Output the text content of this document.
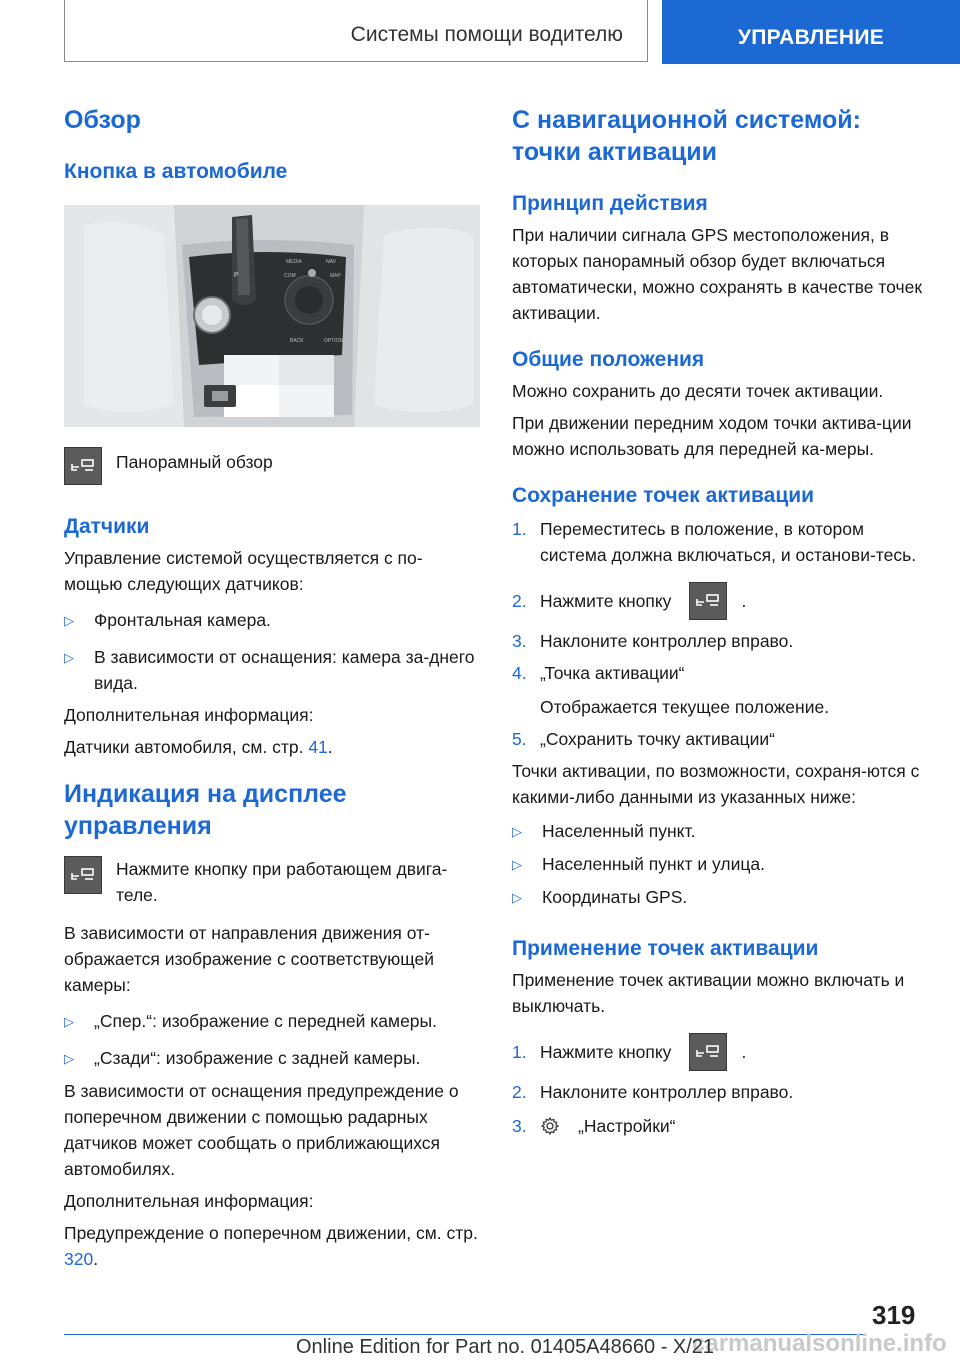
Системы помощи водителю	УПРАВЛЕНИЕ
Обзор
Кнопка в автомобиле
P
MEDIA	NAV
COM	MAP
BACK	OPTION

Панорамный обзор

Датчики

Управление системой осуществляется с по-мощью следующих датчиков:

▷	Фронтальная камера.
▷	В зависимости от оснащения: камера за-днего вида.

Дополнительная информация:

Датчики автомобиля, см. стр. 41.

Индикация на дисплее управления

Нажмите кнопку при работающем двига-теле.

В зависимости от направления движения от-ображается изображение с соответствующей камеры:

▷	„Спер.“: изображение с передней камеры.
▷	„Сзади“: изображение с задней камеры.

В зависимости от оснащения предупреждение о поперечном движении с помощью радарных датчиков может сообщать о приближающихся автомобилях.

Дополнительная информация:

Предупреждение о поперечном движении, см. стр. 320.

С навигационной системой: точки активации
Принцип действия

При наличии сигнала GPS местоположения, в которых панорамный обзор будет включаться автоматически, можно сохранять в качестве точек активации.

Общие положения

Можно сохранить до десяти точек активации.

При движении передним ходом точки актива-ции можно использовать для передней ка-меры.

Сохранение точек активации
1. Переместитесь в положение, в котором система должна включаться, и останови-тесь.
2. Нажмите кнопку	.
3. Наклоните контроллер вправо.
4. „Точка активации“

Отображается текущее положение.

5. „Сохранить точку активации“

Точки активации, по возможности, сохраня-ются с какими-либо данными из указанных ниже:

▷	Населенный пункт.
▷	Населенный пункт и улица.
▷	Координаты GPS.
Применение точек активации

Применение точек активации можно включать и выключать.

1. Нажмите кнопку	.
2. Наклоните контроллер вправо.
3.	„Настройки“
319
carmanualsonline.info
Online Edition for Part no. 01405A48660 - X/21
